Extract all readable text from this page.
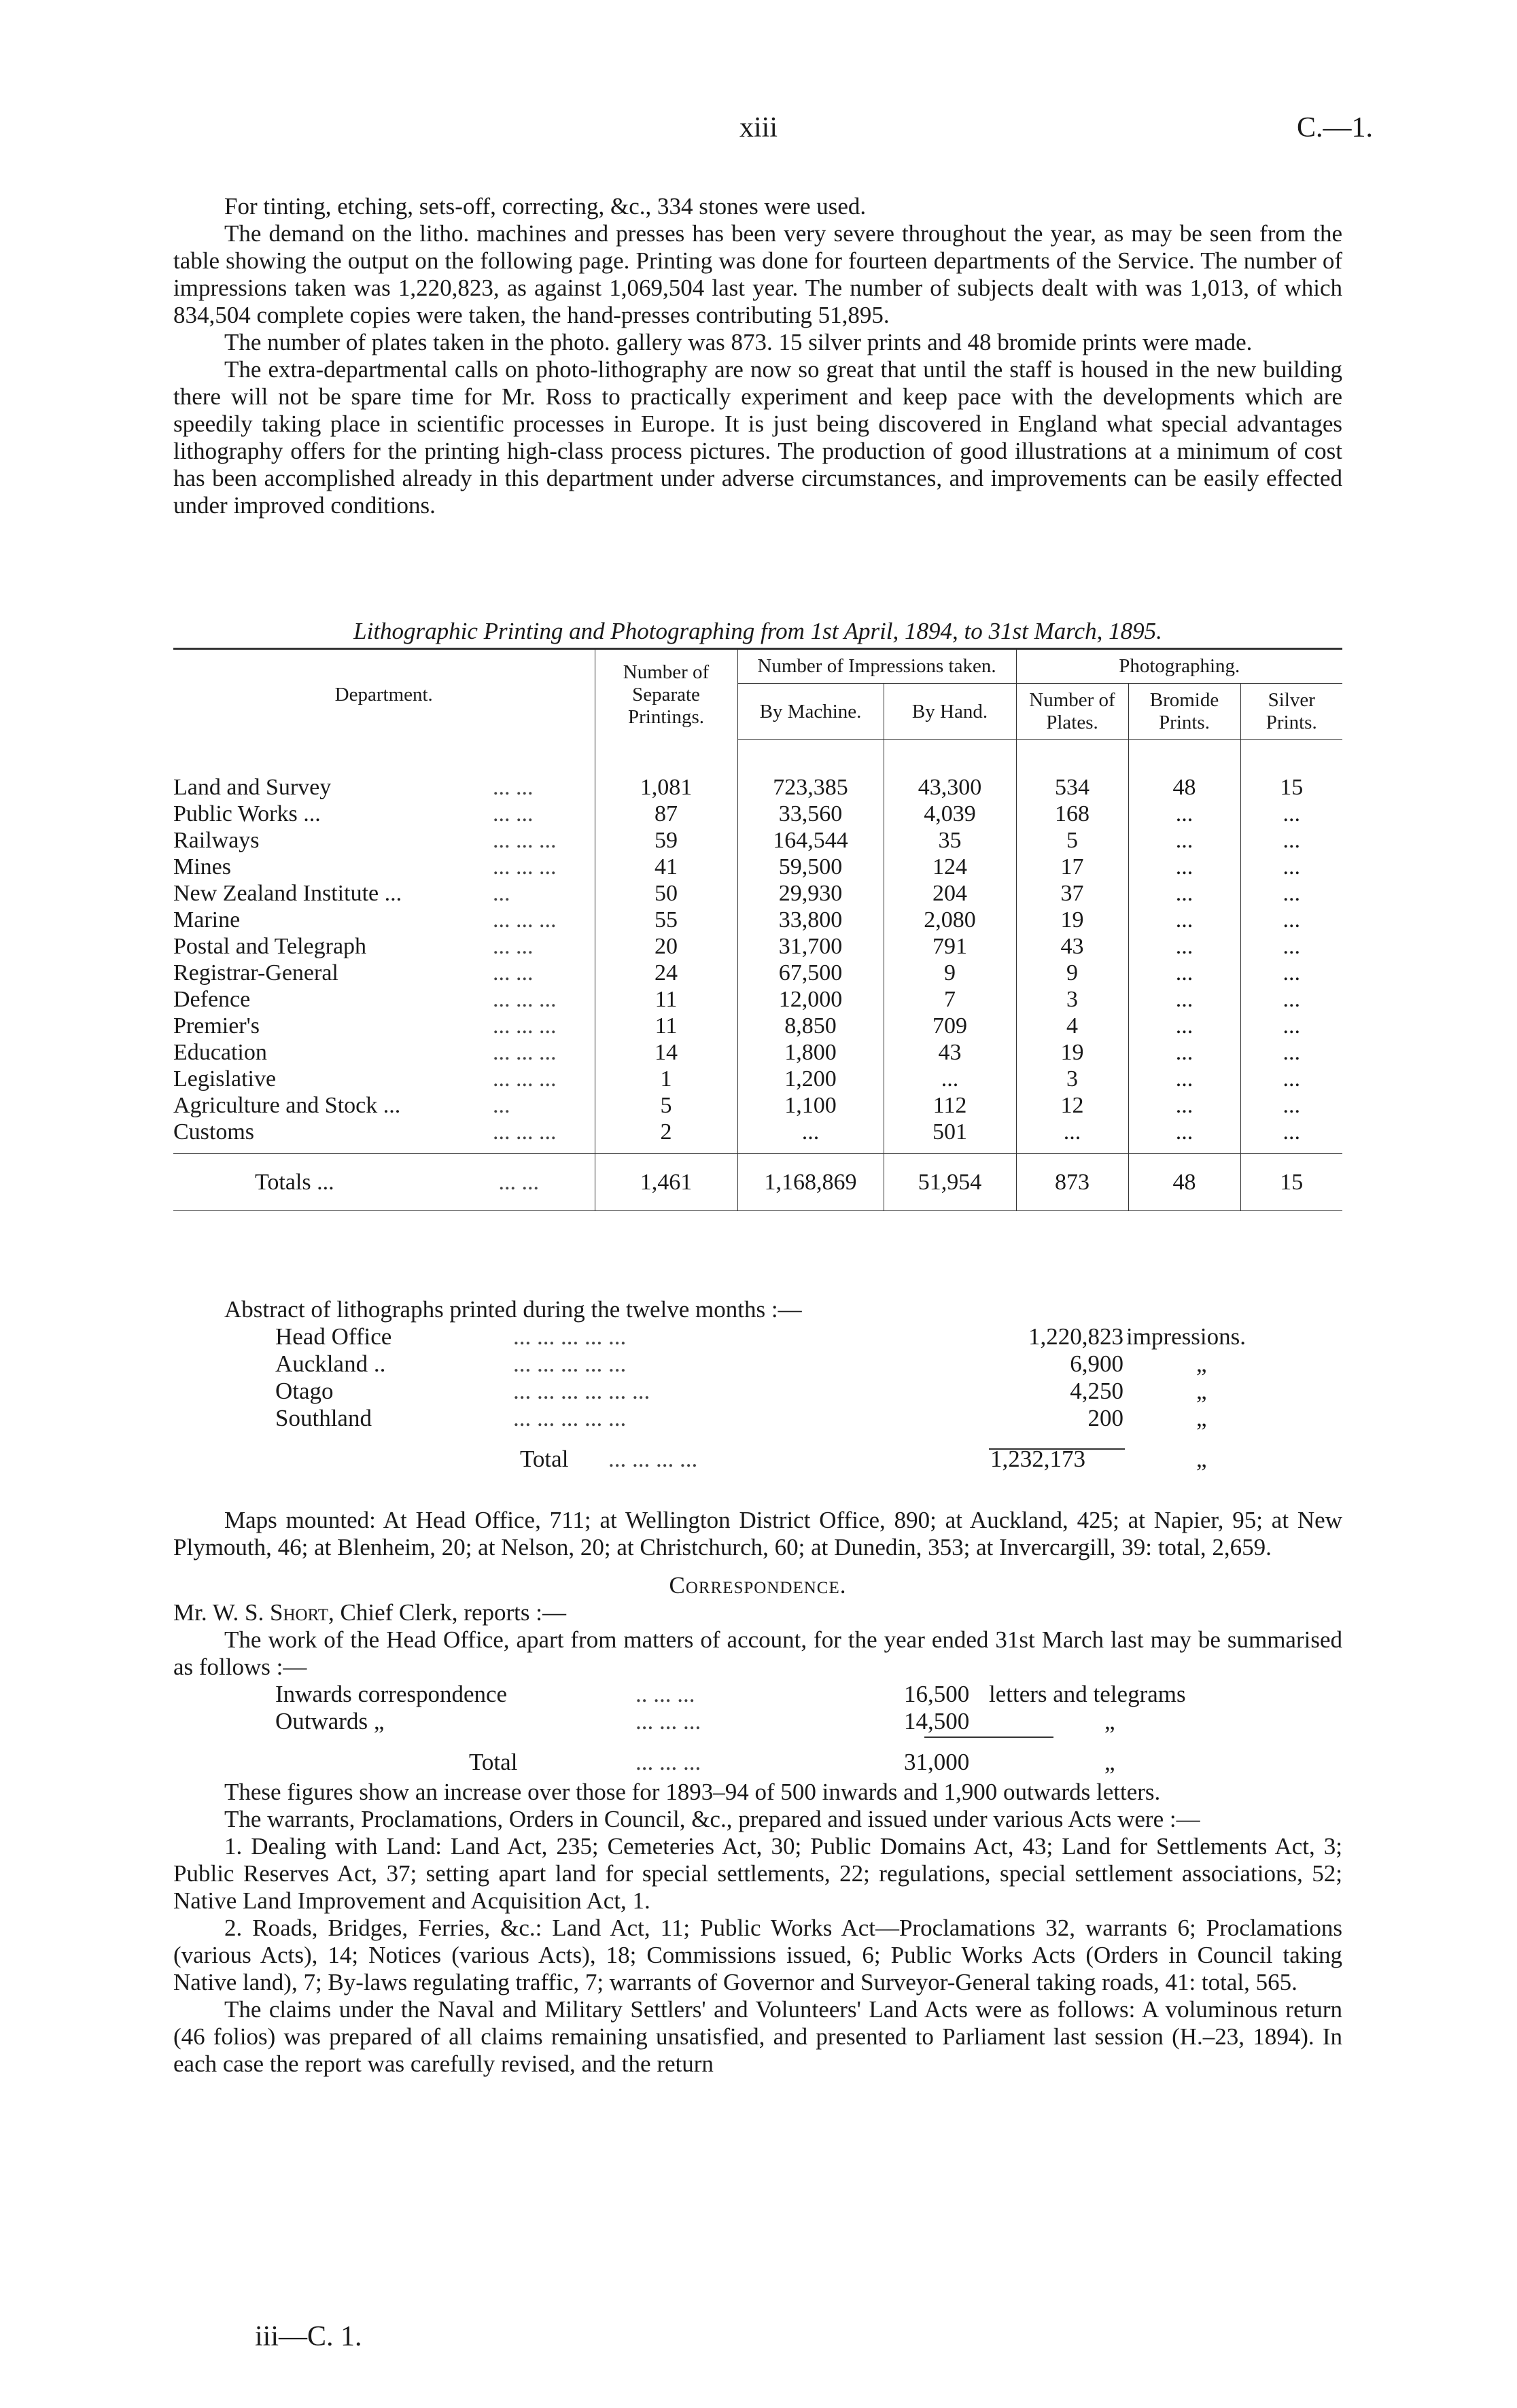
xiii	C.—1.

For tinting, etching, sets-off, correcting, &c., 334 stones were used.

The demand on the litho. machines and presses has been very severe throughout the year, as may be seen from the table showing the output on the following page. Printing was done for fourteen departments of the Service. The number of impressions taken was 1,220,823, as against 1,069,504 last year. The number of subjects dealt with was 1,013, of which 834,504 complete copies were taken, the hand-presses contributing 51,895.

The number of plates taken in the photo. gallery was 873. 15 silver prints and 48 bromide prints were made.

The extra-departmental calls on photo-lithography are now so great that until the staff is housed in the new building there will not be spare time for Mr. Ross to practically experiment and keep pace with the developments which are speedily taking place in scientific processes in Europe. It is just being discovered in England what special advantages lithography offers for the printing high-class process pictures. The production of good illustrations at a minimum of cost has been accomplished already in this department under adverse circumstances, and improvements can be easily effected under improved conditions.

Lithographic Printing and Photographing from 1st April, 1894, to 31st March, 1895.
Department.	Number of Separate Printings.	Number of Impressions taken.		Photographing.		
		By Machine.	By Hand.	Number of Plates.	Bromide Prints.	Silver Prints.
Land and Survey ... ...	1,081	723,385	43,300	534	48	15
Public Works ... ... ...	87	33,560	4,039	168	...	...
Railways ... ... ...	59	164,544	35	5	...	...
Mines ... ... ...	41	59,500	124	17	...	...
New Zealand Institute ... ...	50	29,930	204	37	...	...
Marine ... ... ...	55	33,800	2,080	19	...	...
Postal and Telegraph ... ...	20	31,700	791	43	...	...
Registrar-General ... ...	24	67,500	9	9	...	...
Defence ... ... ...	11	12,000	7	3	...	...
Premier's ... ... ...	11	8,850	709	4	...	...
Education ... ... ...	14	1,800	43	19	...	...
Legislative ... ... ...	1	1,200	...	3	...	...
Agriculture and Stock ... ...	5	1,100	112	12	...	...
Customs ... ... ...	2	...	501	...	...	...
Totals ... ... ...	1,461	1,168,869	51,954	873	48	15

Abstract of lithographs printed during the twelve months :—

Head Office	... ... ... ... ...	1,220,823 impressions.
Auckland ..	... ... ... ... ...	6,900	„
Otago	... ... ... ... ... ...	4,250	„
Southland	... ... ... ... ...	200	„
Total ... ... ... ...	1,232,173	„

Maps mounted: At Head Office, 711; at Wellington District Office, 890; at Auckland, 425; at Napier, 95; at New Plymouth, 46; at Blenheim, 20; at Nelson, 20; at Christchurch, 60; at Dunedin, 353; at Invercargill, 39: total, 2,659.

Correspondence.

Mr. W. S. Short, Chief Clerk, reports :—

The work of the Head Office, apart from matters of account, for the year ended 31st March last may be summarised as follows :—

Inwards correspondence	.. ... ...	16,500 letters and telegrams
Outwards „	... ... ...	14,500	„
Total	... ... ...	31,000	„

These figures show an increase over those for 1893–94 of 500 inwards and 1,900 outwards letters.

The warrants, Proclamations, Orders in Council, &c., prepared and issued under various Acts were :—

1. Dealing with Land: Land Act, 235; Cemeteries Act, 30; Public Domains Act, 43; Land for Settlements Act, 3; Public Reserves Act, 37; setting apart land for special settlements, 22; regulations, special settlement associations, 52; Native Land Improvement and Acquisition Act, 1.

2. Roads, Bridges, Ferries, &c.: Land Act, 11; Public Works Act—Proclamations 32, warrants 6; Proclamations (various Acts), 14; Notices (various Acts), 18; Commissions issued, 6; Public Works Acts (Orders in Council taking Native land), 7; By-laws regulating traffic, 7; warrants of Governor and Surveyor-General taking roads, 41: total, 565.

The claims under the Naval and Military Settlers' and Volunteers' Land Acts were as follows: A voluminous return (46 folios) was prepared of all claims remaining unsatisfied, and presented to Parliament last session (H.–23, 1894). In each case the report was carefully revised, and the return

iii—C. 1.
